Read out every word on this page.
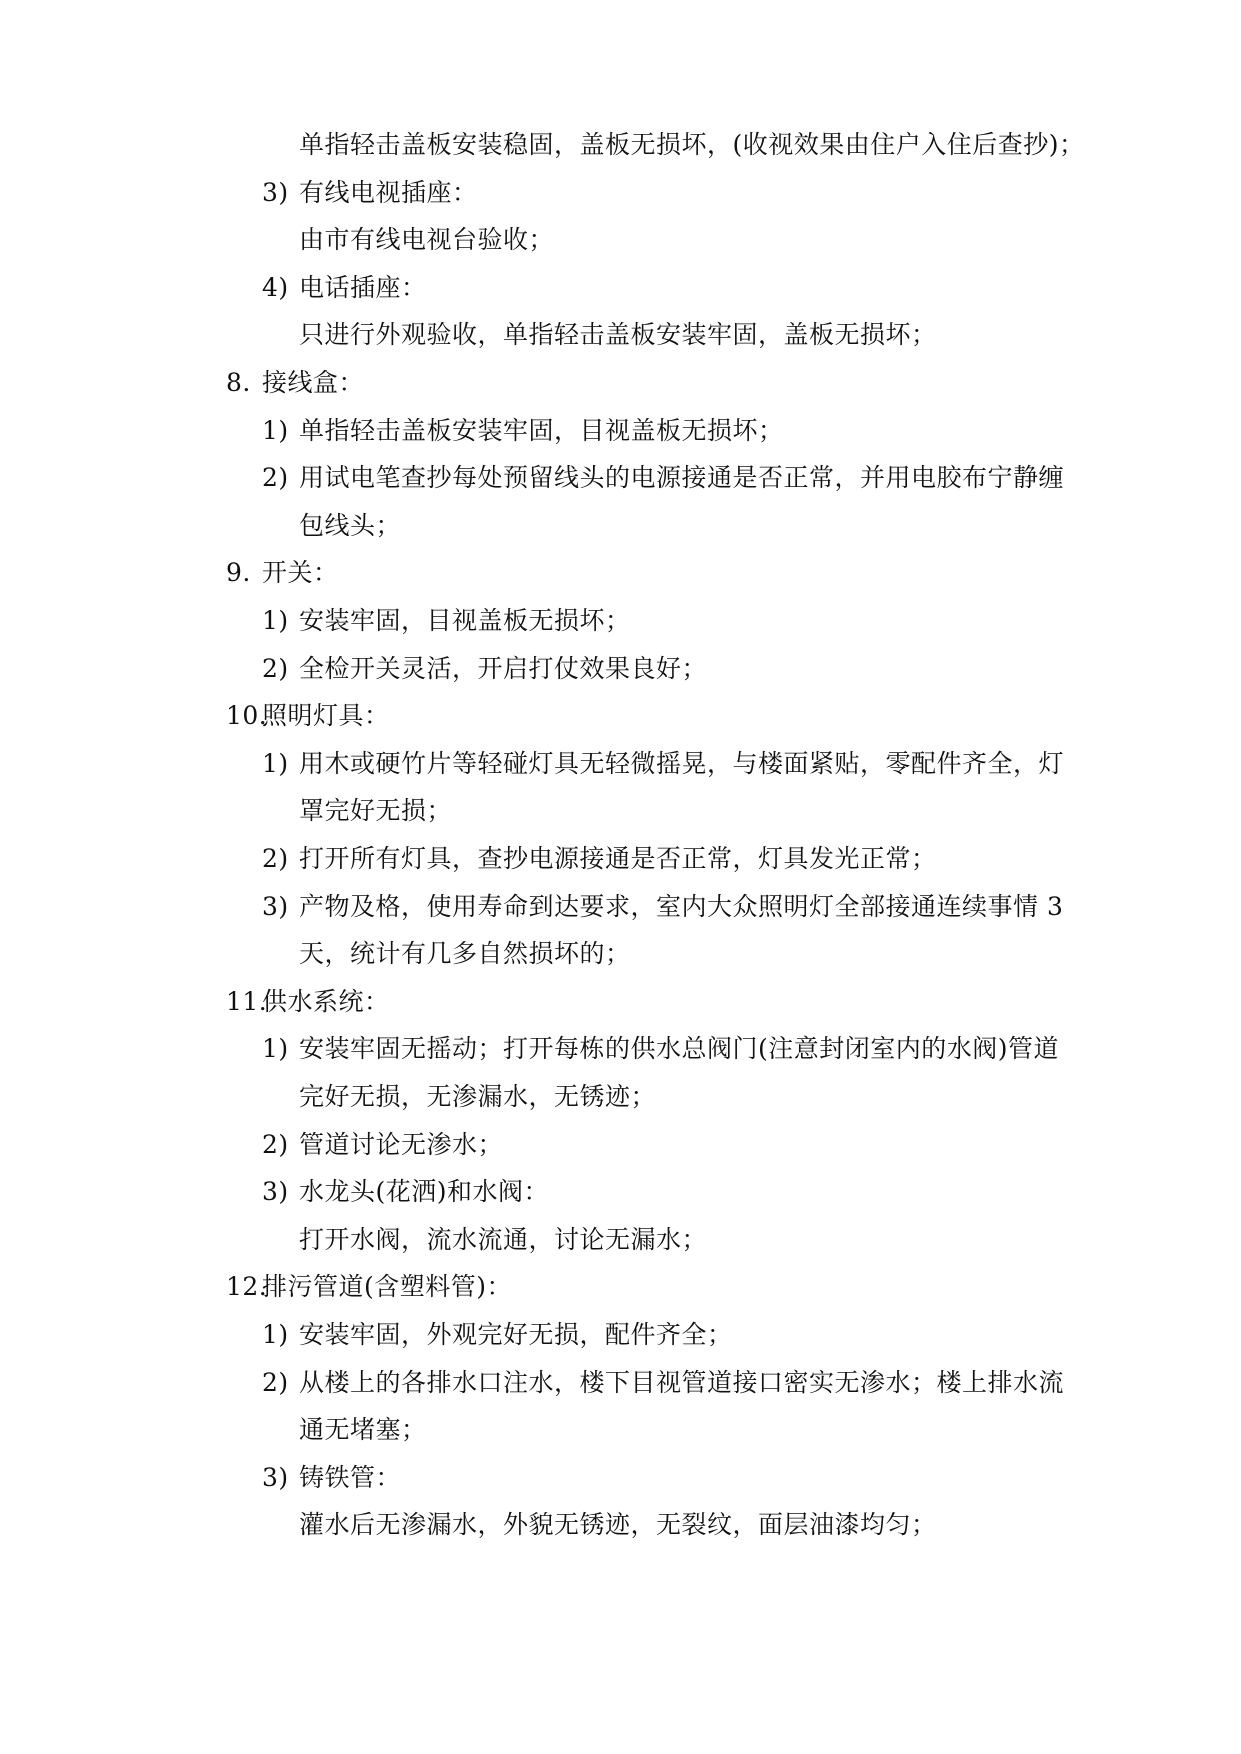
单指轻击盖板安装稳固，盖板无损坏，(收视效果由住户入住后查抄)；
3) 有线电视插座：
由市有线电视台验收；
4) 电话插座：
只进行外观验收，单指轻击盖板安装牢固，盖板无损坏；
8. 接线盒：
1) 单指轻击盖板安装牢固，目视盖板无损坏；
2) 用试电笔查抄每处预留线头的电源接通是否正常，并用电胶布宁静缠
包线头；
9. 开关：
1) 安装牢固，目视盖板无损坏；
2) 全检开关灵活，开启打仗效果良好；
10.
照明灯具：
1) 用木或硬竹片等轻碰灯具无轻微摇晃，与楼面紧贴，零配件齐全，灯
罩完好无损；
2) 打开所有灯具，查抄电源接通是否正常，灯具发光正常；
3) 产物及格，使用寿命到达要求，室内大众照明灯全部接通连续事情 3
天，统计有几多自然损坏的；
11.
供水系统：
1) 安装牢固无摇动；打开每栋的供水总阀门(注意封闭室内的水阀)管道
完好无损，无渗漏水，无锈迹；
2) 管道讨论无渗水；
3) 水龙头(花洒)和水阀：
打开水阀，流水流通，讨论无漏水；
12.
排污管道(含塑料管)：
1) 安装牢固，外观完好无损，配件齐全；
2) 从楼上的各排水口注水，楼下目视管道接口密实无渗水；楼上排水流
通无堵塞；
3) 铸铁管：
灌水后无渗漏水，外貌无锈迹，无裂纹，面层油漆均匀；
